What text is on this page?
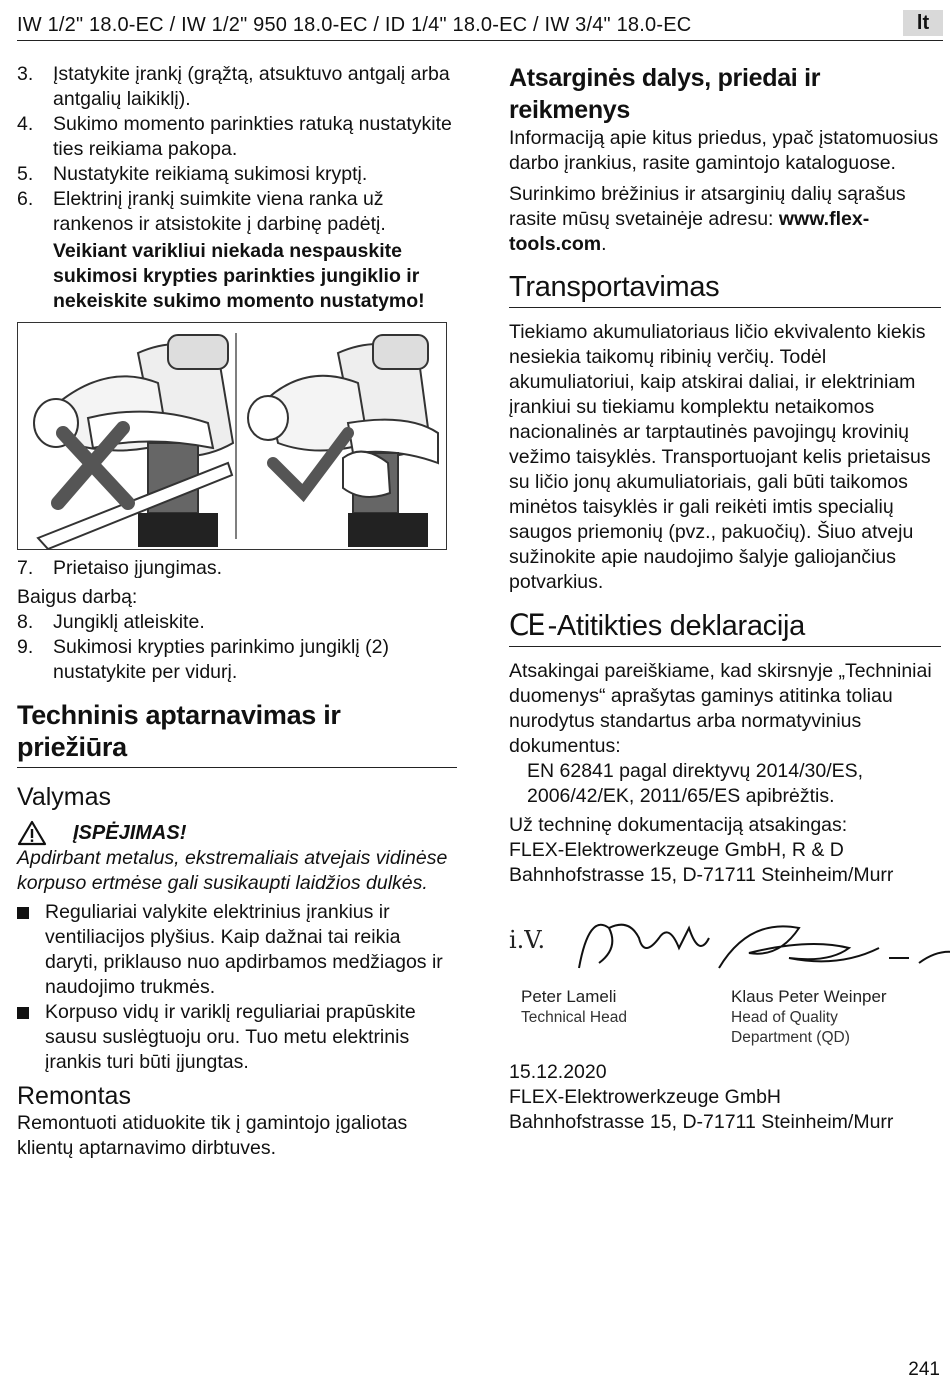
IW 1/2" 18.0-EC / IW 1/2" 950 18.0-EC / ID 1/4" 18.0-EC / IW 3/4" 18.0-EC	lt
3. Įstatykite įrankį (grąžtą, atsuktuvo antgalį arba antgalių laikiklį).
4. Sukimo momento parinkties ratuką nustatykite ties reikiama pakopa.
5. Nustatykite reikiamą sukimosi kryptį.
6. Elektrinį įrankį suimkite viena ranka už rankenos ir atsistokite į darbinę padėtį.
Veikiant varikliui niekada nespauskite sukimosi krypties parinkties jungiklio ir nekeiskite sukimo momento nustatymo!
7. Prietaiso įjungimas.

Baigus darbą:

8. Jungiklį atleiskite.
9. Sukimosi krypties parinkimo jungiklį (2) nustatykite per vidurį.
Techninis aptarnavimas ir priežiūra
Valymas
ĮSPĖJIMAS!

Apdirbant metalus, ekstremaliais atvejais vidinėse korpuso ertmėse gali susikaupti laidžios dulkės.

Reguliariai valykite elektrinius įrankius ir ventiliacijos plyšius. Kaip dažnai tai reikia daryti, priklauso nuo apdirbamos medžiagos ir naudojimo trukmės.
Korpuso vidų ir variklį reguliariai prapūskite sausu suslėgtuoju oru. Tuo metu elektrinis įrankis turi būti įjungtas.
Remontas

Remontuoti atiduokite tik į gamintojo įgaliotas klientų aptarnavimo dirbtuves.

Atsarginės dalys, priedai ir reikmenys

Informaciją apie kitus priedus, ypač įstatomuosius darbo įrankius, rasite gamintojo kataloguose.

Surinkimo brėžinius ir atsarginių dalių sąrašus rasite mūsų svetainėje adresu: www.flex-tools.com.

Transportavimas

Tiekiamo akumuliatoriaus ličio ekvivalento kiekis nesiekia taikomų ribinių verčių. Todėl akumuliatoriui, kaip atskirai daliai, ir elektriniam įrankiui su tiekiamu komplektu netaikomos nacionalinės ar tarptautinės pavojingų krovinių vežimo taisyklės. Transportuojant kelis prietaisus su ličio jonų akumuliatoriais, gali būti taikomos minėtos taisyklės ir gali reikėti imtis specialių saugos priemonių (pvz., pakuočių). Šiuo atveju sužinokite apie naudojimo šalyje galiojančius potvarkius.

CE -Atitikties deklaracija

Atsakingai pareiškiame, kad skirsnyje „Techniniai duomenys“ aprašytas gaminys atitinka toliau nurodytus standartus arba normatyvinius dokumentus:

EN 62841 pagal direktyvų 2014/30/ES, 2006/42/EK, 2011/65/ES apibrėžtis.

Už techninę dokumentaciją atsakingas:

FLEX-Elektrowerkzeuge GmbH, R & D

Bahnhofstrasse 15, D-71711 Steinheim/Murr

i.V.
Peter Lameli
Technical Head
Klaus Peter Weinper
Head of Quality
Department (QD)

15.12.2020

FLEX-Elektrowerkzeuge GmbH

Bahnhofstrasse 15, D-71711 Steinheim/Murr

241
